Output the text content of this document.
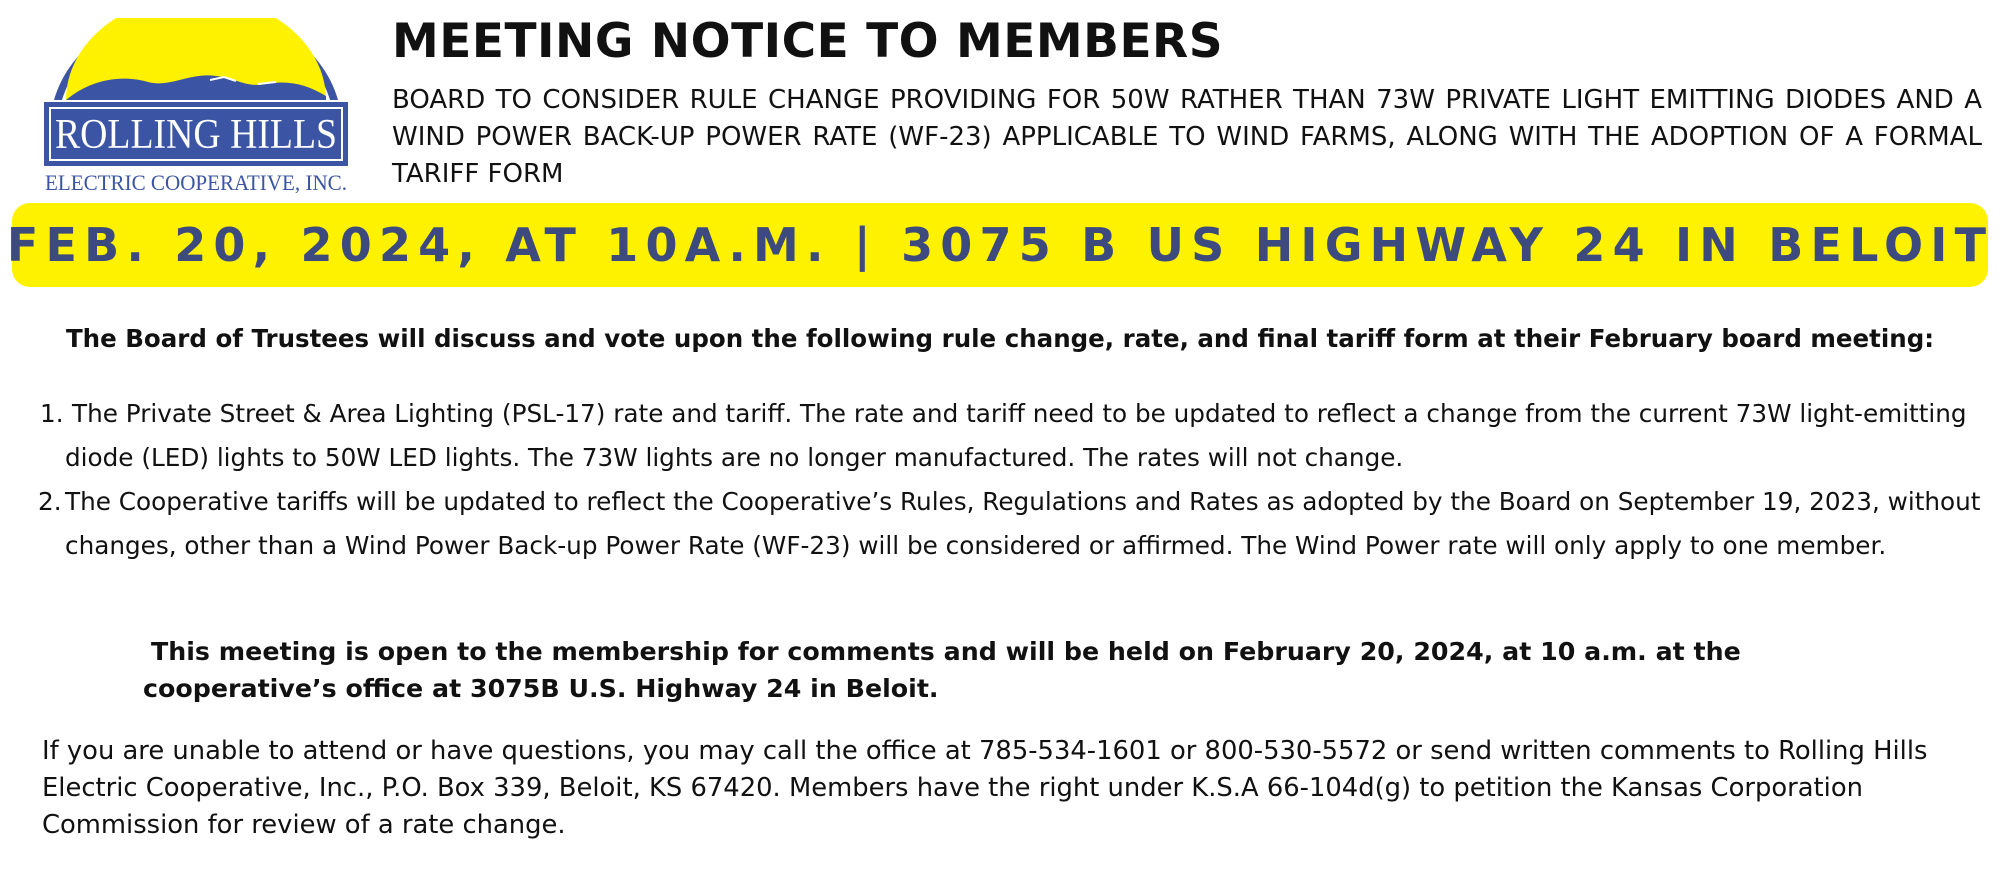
ROLLING HILLS
ELECTRIC COOPERATIVE, INC.
MEETING NOTICE TO MEMBERS

BOARD TO CONSIDER RULE CHANGE PROVIDING FOR 50W RATHER THAN 73W PRIVATE LIGHT EMITTING DIODES AND A WIND POWER BACK-UP POWER RATE (WF-23) APPLICABLE TO WIND FARMS, ALONG WITH THE ADOPTION OF A FORMAL TARIFF FORM

FEB. 20, 2024, AT 10A.M. | 3075 B US HIGHWAY 24 IN BELOIT

The Board of Trustees will discuss and vote upon the following rule change, rate, and final tariff form at their February board meeting:

1. The Private Street & Area Lighting (PSL-17) rate and tariff. The rate and tariff need to be updated to reflect a change from the current 73W light-emitting diode (LED) lights to 50W LED lights. The 73W lights are no longer manufactured. The rates will not change.
2. The Cooperative tariffs will be updated to reflect the Cooperative’s Rules, Regulations and Rates as adopted by the Board on September 19, 2023, without changes, other than a Wind Power Back-up Power Rate (WF-23) will be considered or affirmed. The Wind Power rate will only apply to one member.

This meeting is open to the membership for comments and will be held on February 20, 2024, at 10 a.m. at the cooperative’s office at 3075B U.S. Highway 24 in Beloit.

If you are unable to attend or have questions, you may call the office at 785-534-1601 or 800-530-5572 or send written comments to Rolling Hills Electric Cooperative, Inc., P.O. Box 339, Beloit, KS 67420. Members have the right under K.S.A 66-104d(g) to petition the Kansas Corporation Commission for review of a rate change.
